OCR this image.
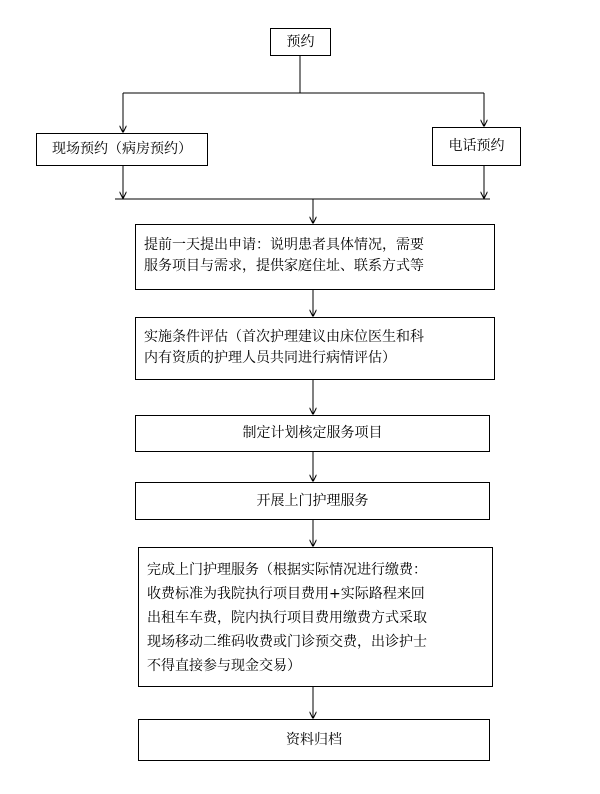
预约
现场预约（病房预约）	电话预约
提前一天提出申请：说明患者具体情况，需要
服务项目与需求，提供家庭住址、联系方式等
实施条件评估（首次护理建议由床位医生和科
内有资质的护理人员共同进行病情评估）
制定计划核定服务项目
开展上门护理服务
完成上门护理服务（根据实际情况进行缴费：
收费标准为我院执行项目费用+实际路程来回
出租车车费，院内执行项目费用缴费方式采取
现场移动二维码收费或门诊预交费，出诊护士
不得直接参与现金交易）
资料归档
